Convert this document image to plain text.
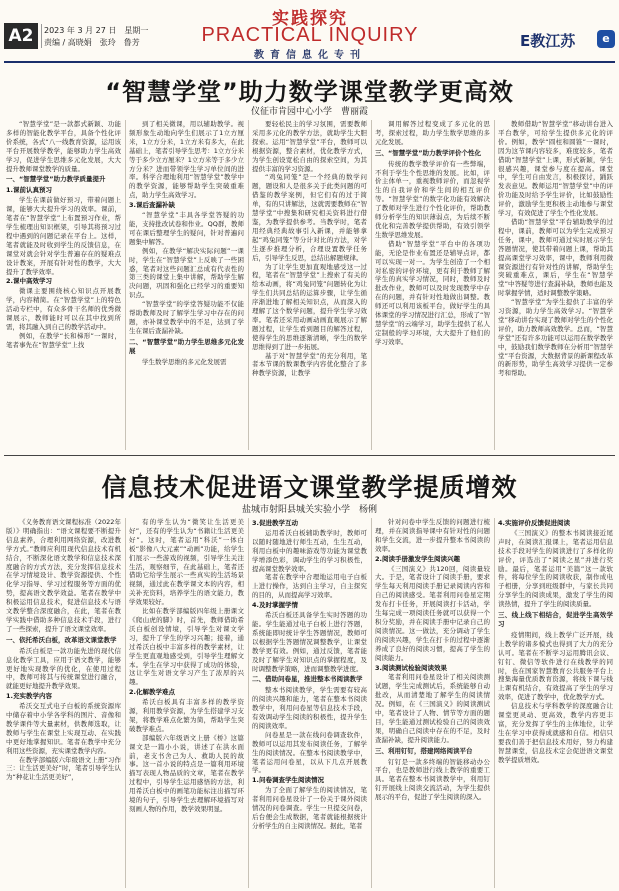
A2	2023 年 3 月 27 日　星期一
责编 / 高晓娟　张玲　鲁芳
实践探究
PRACTICAL INQUIRY
教育信息化专刊
E教江苏	e
“智慧学堂”助力数学课堂教学更高效
仪征市肯园中心小学　曹丽霞

“智慧学堂”是一款都式新颖、功能多样的智能化教学平台，具备个性化评价系统，各式“八一线教育资源，运用该平台开展数学教学，能够助力学生高效学习，促进学生思维多元化发展，大大提升教师课堂教学的质量。

一、“智慧学堂”助力教学质量提升

1.课前认真预习

学生在课前做好预习，带着问题上课，能够大大提升学习的效率。课前，笔者在“智慧学堂”上布置预习作业，帮学生梳理出知识框架，引导其将预习过程中遇到的问题记录在平台上。这样，笔者就能及时收到学生的反馈信息，在课堂对就会针对学生普遍存在的疑难点设计教案，开展有针对性的教学，大大提升了教学效率。

2.课中高效学习

微课主要围绕核心知识点开展教学，内容精简。在“智慧学堂”上的特色活动专栏中，有众多骨干名师的优秀微课展示，教师能时可以在其中找到所需，将其融入到自己的教学活动中。

例如，在教学“长和梯形”一课时，笔者事先在“智慧学堂”上找

到了相关微课，用以辅助教学。视频形象生动地向学生们展示了1立方厘米，1立方分米，1立方米有多大，在此基础上，笔者引导学生思考：1立方分米等于多少立方厘米？1立方米等于多少立方分米？进而带领学生学习单位间的进率。科学合理地利用“智慧学堂”教学中的教学资源，能够帮助学生突破重难点，助力学生高效学习。

3.课后查漏补缺

“智慧学堂”丰具各学堂答疑的功能，支持批改试卷和作业。QQ群，教师可在课后整理学生的疑问，针对普遍问题集中解答。

例如，在教学“解决实际问题”一课时，学生在“智慧学堂”上反映了一些困惑，笔者对这些问题汇总成有代表性的第三类的课堂上集中讲解，帮助学生解决问题，巩固和强化已经学习的重要知识点。

“智慧学堂”的学堂答疑功能不仅能帮助教师及时了解学生学习中存在的问题，亦补课堂教学中的不足，达到了学生在课后查漏补缺。

二、“智慧学堂”助力学生思维多元化发展

学生数学思维的多元化发展需

要轻松民主的学习氛围，需要教师采用多元化的教学方法，就助学生大胆探索。运用“智慧学堂”平台，教师可以根据资源，整合素材，优化教学方式，为学生创设宽松自由的探索空间，为其提供丰富的学习资源。

“鸡兔同笼”是一个经典的数学问题，题设和人是很多关于此类问题的可借鉴的教学案例，但它们有的过于简单，有的只讲解法，这就需要教师在“智慧学堂”中搜集和研究相关资料进行借鉴，为教学提供参考。当教学时，笔者用经典经典故事引入新课，并能够拿起“鸡兔同笼”等分计对比的方法，对学生逐步推理分析，合理设置教学任务后，引导学生反思，总结出解题规律。

为了让学生更加直观地感受这一过程，笔者在“智慧学堂”上搜索了有关的绘本动画，将“鸡兔同笼”问题转化为让学生们共同总结的运算步骤，让学生循序渐进地了解相关知识点，从而深入的理解了这个数学问题，提升学生学习效率。笔者还采用动画动画直观展示了解题过程，让学生看到题目的解答过程，使得学生的思维逐渐清晰，学生的数学思维得到了进一步拓展。

基于对“智慧学堂”的充分利用，笔者本节课的数课教学内容优化整合了多种教学资源，让教学

调用解答过程变成了多元化的思考，探索过程，助力学生数学思维的多元化发展。

三、“智慧学堂”助力教学评价个性化

传统的教学教学评价有一些弊端，不利于学生个性思维的发展。比如，评价主体单一，重视教师评价，而忽视学生的自我评价和学生间的相互评价等。“智慧学堂”的数字化功能有效解决了教师对学生进行个性化评价，帮助教师分析学生的知识薄弱点，为后续不断优化和完善教学提供帮助，有效引领学生数学思维发展。

借助“智慧学堂”平台中的各项功能，无论是作业布置还是辅导点评，都可以实现一对一。为学生创造了一个相对私密的评价环境，更有利于教师了解学生的真实学习情况，同时，教师及时批改作业，教师可以及时发现教学中存在的问题，并有针对性地做出调整。教师还可以利用该板平台，做好学生的具体课堂的学习情况进行汇总，形成了“智慧学堂”的云端学习，助学生提供了私人定制般的学习环境，大大提升了他们的学习效率。

教师借助“智慧学堂”移动讲台进入平台教学，可给学生提供多元化的评价。例如，教学“圆柱和圆锥”一课时，因为这节课内容较多，难度较多，笔者借助“智慧学堂”上课，形式新颖，学生很感兴趣，课堂参与度在提高。课堂中，学生可自由发言，积极探讨，踊跃发表意见。教师运用“智慧学堂”中的评价功能及时给予学生评价，比如鼓励性评价，激励学生更积极主动地参与课堂学习，有效促进了学生个性化发展。

借助“智慧学堂”平台辅助教学的过程中，课前，教师可以为学生完成预习任务，课中，教师可通过实时展示学生答题情况，使其带着问题上课，帮助其提高课堂学习效率，课中，教师利用微课资源进行有针对性的讲解，帮助学生突破重难点，课后，学生在“智慧学堂”中答疑等进行查漏补缺，教师也能及时掌握学情，适时调整教学策略。

“智慧学堂”为学生提供了丰富的学习资源，助力学生高效学习。“智慧学堂”移动讲台实现了教师对学生的个性化评价，助力教师高效教学。总而，“智慧学堂”还有许多功能可以运用在数学教学中，鼓励我们数学教师在分析用“智慧学堂”平台资源，大数据背景的新课程改革的新形势，助学生高效学习提供一定参考和帮助。

信息技术促进语文课堂教学提质增效
盐城市射阳县城关实验小学　杨俐

《义务教育语文课程标准（2022年版）》明确指出：“语文课程要不断提升信息素养，合理利用网络资源，改进教学方式。”教师应利用现代信息技术有机结合，不断深化语文教学和信息技术深度融合的方式方法，充分发挥信息技术在学习情境设计、教学资源提供、个性化学习指导、学习过程服务等方面的优势，提高语文教学效益。笔者在教学中积极运用信息技术，促进信息技术与语文教学整合深度融合，在此，笔者在教学实践中借助多种信息技术手段，进行了一些探索，提升了语文课堂效率。

一、依托希沃白板，改革语文课堂教学

希沃白板是一款功能先进的现代信息化教学工具，应用于语文教学，能够更好地实现教学的优化，在使用过程中，教师可将其与传统课堂进行融合，就能更好地提升教学效果。

1.充实教学内容

希沃交互式电子白板的系统资源库中储存着中小学各学科的图片、音像和教学课件等大量素材，供教师选取，让教师与学生在课堂上实现互动、在实践中更好地掌握知识。笔者在教学中充分利用这些资源，充实课堂教学内容。

在教学部编版六年级语文上册“习作三：让生活更美好”时，笔者引导学生认为“种花让生活更美好”，

有的学生认为“微笑让生活更美好”，还有的学生认为“书籍让生活更美好”。这时，笔者运用“科沃”一体白板“影像八大元素”“动画”功能，给学生们展示一些游戏的视频，引导学生关注生活，观察细节，在此基础上，笔者还借助它给学生展示一些真实的生活场景视频，通过此在教学课文本的内容，相关补充资料，培养学生的语文能力，教学效果较好。

比如在教学部编版四年级上册课文《爬山虎的脚》时，首先，教师借助希沃白板创设情境，引导学生对课文学习，提升了学生的学习兴趣；接着，通过希沃白板中丰富多样的教学素材，让学生更直观地感受到，引导学生理解文本。学生在学习中获得了成功的体验，这让学生对语文学习产生了浓厚的兴趣。

2.化解教学难点

希沃白板具有丰富多样的教学资源，利用教学资源，为学生搭建学习支架，将教学难点化繁为简，帮助学生突破教学难点。

部编版六年级语文上册《桥》这篇课文是一篇小小说，讲述了在洪水面前，老支书舍己为人、救助人民的故事。这一首小说的特点是一篇利用环境描写表现人物品质的文章，笔者在教学过程中，引导学生运用感悟的方法，利用希沃白板中的画笔功能标注出描写环境的句子，引导学生去理解环境描写对刻画人物的作用，教学效果明显。

3.促进教学互动

运用希沃白板辅助教学时，教师可以随时随地进行师生互动，生生互动，利用白板中的趣味游戏等功能为课堂教学增添色彩，调动学生的学习积极性，提高课堂教学效率。

笔者在教学中合理地运用电子白板上进行操作，达到自主学习，自主探究的目的，从而提高学习效率。

4.及时掌握学情

希沃白板还具备学生实时答题的功能。学生能通过电子白板上进行答题，系统能即时统计学生答题情况，教师可以根据学生答题情况调整教学，让课堂教学更有效。例如，通过反馈，笔者能及时了解学生对知识点的掌握程度，及时调整教学策略，进而调整教学进度。

二、借助问卷星，推进整本书阅读教学

整本书阅读教学，学生需要有较高的阅读兴趣和能力，笔者在整本书阅读教学中，利用问卷星等信息技术手段，有效调动学生阅读的积极性，提升学生的阅读效率。

问卷星是一款在线问卷调查软件，教师可以运用其发布阅读任务，了解学生的阅读情况。在整本书阅读教学中，笔者运用问卷星，以从下几点开展教学。

1.问卷调查学生阅读情况

为了全面了解学生的阅读情况，笔者利用问卷星设计了一份关于课外阅读情况的问卷调查。学生一旦提交问卷，后台便会生成数据，笔者就能根据统计分析学生的自主阅读情况。据此，笔者

针对问卷中学生反馈的问题进行梳理，并在阅读指导课中有针对性的问题和学生交流，进一步提升整本书阅读的效率。

2.阅读手册激发学生阅读兴趣

《三国演义》共120回，阅读量较大。于是，笔者设计了阅读手册，要求学生每天利用阅读手册记录阅读内容和自己的阅读感受。笔者利用问卷星定期发布打卡任务，开展阅读打卡活动，学生每完成一项阅读任务就可以获得一个积分奖励，并在阅读手册中记录自己的阅读情况。这一做法，充分调动了学生的阅读兴趣，学生在打卡的过程中逐渐养成了良好的阅读习惯，提高了学生的阅读能力。

3.阅读测试检验阅读效果

笔者利用问卷星设计了相关阅读测试题，学生完成测试后，系统能够自动批改，从而清楚地了解学生的阅读情况。例如，在《三国演义》的阅读测试中，笔者设计了人物、情节等方面的题目，学生能通过测试检验自己的阅读效果，明确自己阅读中存在的不足，及时查漏补缺，提升阅读能力。

三、利用钉钉，搭建网络阅读平台

钉钉是一款多终端的智能移动办公平台，也是教师进行线上教学的重要工具。笔者在整本书阅读教学中，利用钉钉开展线上阅读交流活动，为学生提供展示的平台，促进了学生阅读的深入。

4.实施评价反馈促进阅读

《三国演义》的整本书阅读接近尾声时，在阅读汇报课上，笔者运用信息技术手段对学生的阅读进行了多样化的评价，评选出了“阅读之星”并进行奖励。最后，笔者运用“美篇”这一款软件，将每位学生的阅读收获，制作成电子相册，分享到班级群中，与家长共同分享学生的阅读成果，激发了学生的阅读热情，提升了学生的阅读质量。

三、线上线下相结合，促进学生高效学习

疫情期间，线上教学广泛开展，线上教学的诸多模式也得到了大力的充分认可。笔者在不断学习运用腾讯会议、钉钉、微信等软件进行在线教学的同时，也在国家智慧教育公共服务平台上搜集海量优质教育资源，将线下课与线上课有机结合，有效提高了学生的学习效率，促进了教学中，优化教学方式。

信息技术与学科教学的深度融合让课堂更灵动、更高效，教学内容更丰富，充分发挥了学生的主体地位，让学生在学习中获得成就感和自信。相信只要我们善于把信息技术用好，努力构建智慧课堂，信息技术定会促进语文课堂教学提质增效。
